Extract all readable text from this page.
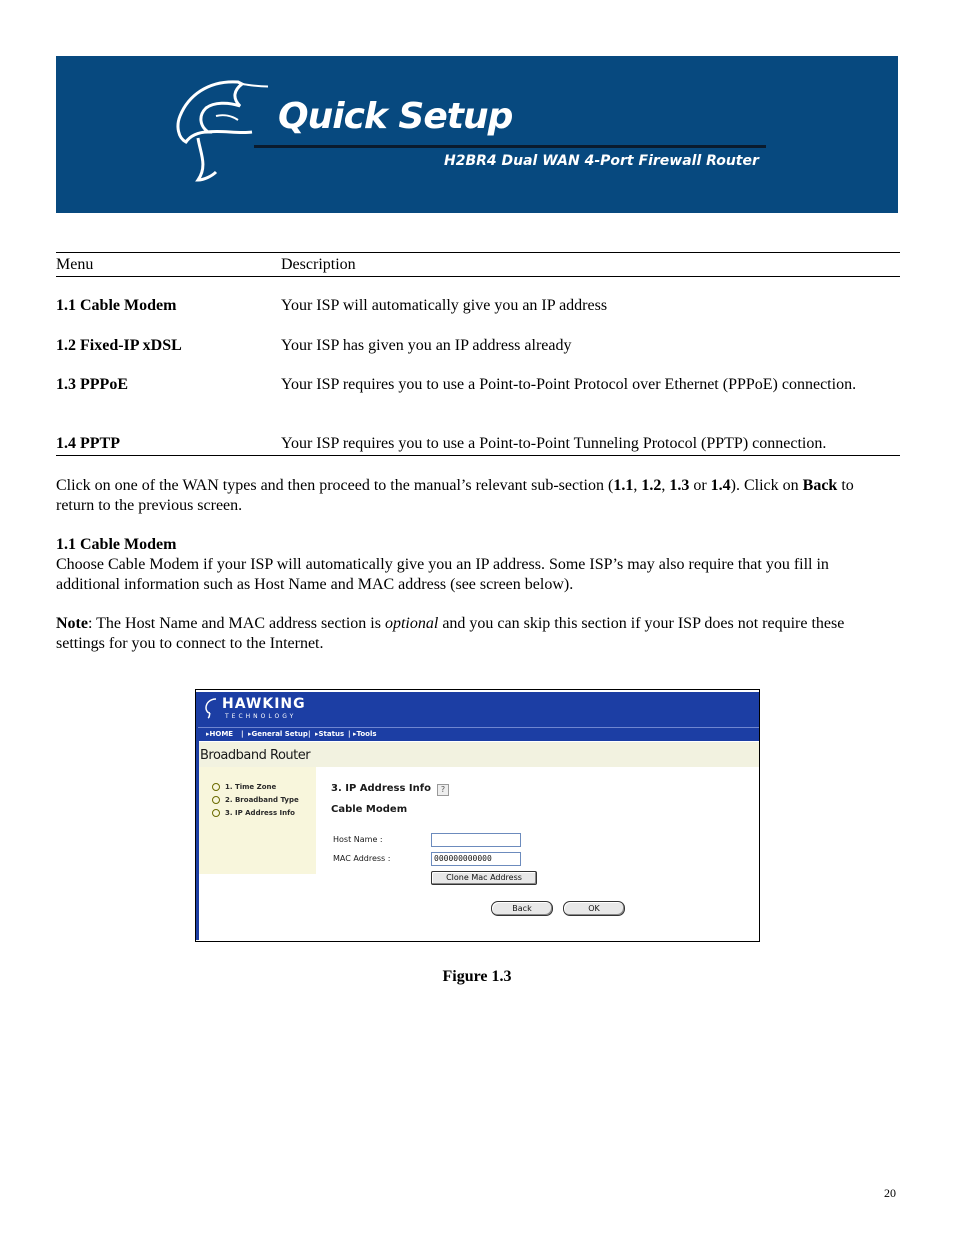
Quick Setup
H2BR4 Dual WAN 4-Port Firewall Router
Menu	Description
1.1 Cable Modem	Your ISP will automatically give you an IP address
1.2 Fixed-IP xDSL	Your ISP has given you an IP address already
1.3 PPPoE	Your ISP requires you to use a Point-to-Point Protocol over Ethernet (PPPoE) connection.
1.4 PPTP	Your ISP requires you to use a Point-to-Point Tunneling Protocol (PPTP) connection.
Click on one of the WAN types and then proceed to the manual’s relevant sub-section (1.1, 1.2, 1.3 or 1.4). Click on Back to return to the previous screen.
1.1 Cable Modem
Choose Cable Modem if your ISP will automatically give you an IP address. Some ISP’s may also require that you fill in additional information such as Host Name and MAC address (see screen below).
Note: The Host Name and MAC address section is optional and you can skip this section if your ISP does not require these settings for you to connect to the Internet.
HAWKING
TECHNOLOGY
▸HOME | ▸General Setup | ▸Status | ▸Tools
Broadband Router
1. Time Zone
2. Broadband Type
3. IP Address Info
3. IP Address Info	?
Cable Modem
Host Name :
MAC Address :	000000000000
Clone Mac Address
Back	OK
Figure 1.3
20
